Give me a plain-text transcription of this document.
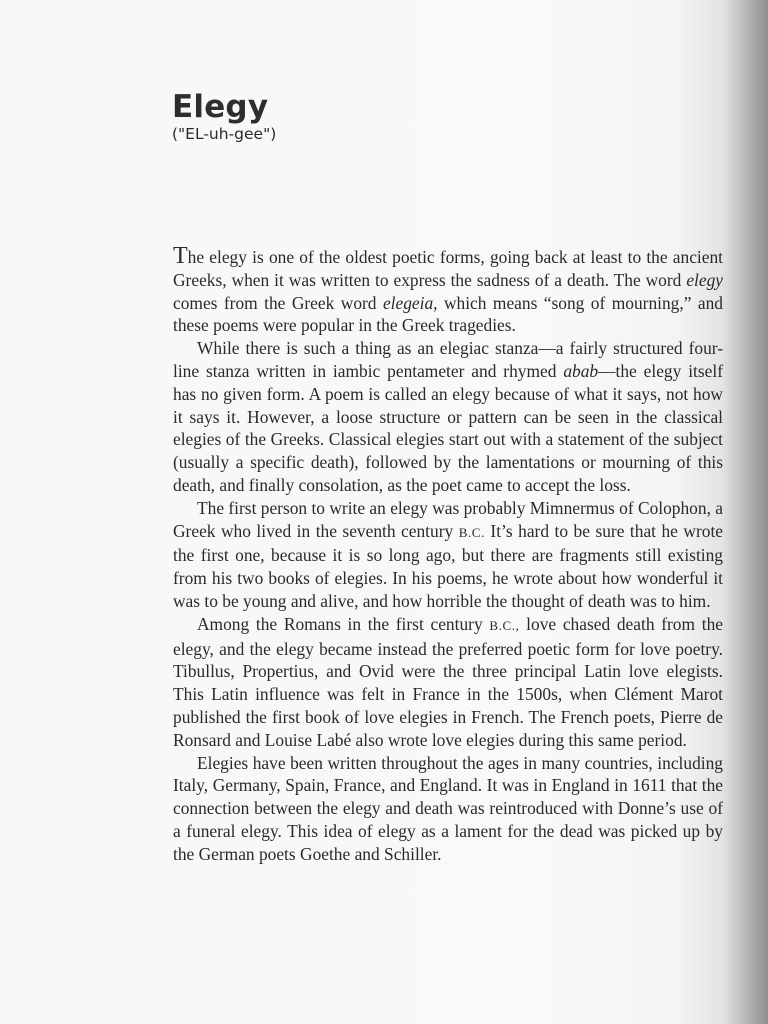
Elegy
("EL-uh-gee")

The elegy is one of the oldest poetic forms, going back at least to the ancient Greeks, when it was written to express the sadness of a death. The word elegy comes from the Greek word elegeia, which means “song of mourning,” and these poems were popular in the Greek tragedies.

While there is such a thing as an elegiac stanza—a fairly structured four-line stanza written in iambic pentameter and rhymed abab—the elegy itself has no given form. A poem is called an elegy because of what it says, not how it says it. However, a loose structure or pattern can be seen in the classical elegies of the Greeks. Classical elegies start out with a statement of the subject (usually a specific death), followed by the lamentations or mourning of this death, and finally consolation, as the poet came to accept the loss.

The first person to write an elegy was probably Mimnermus of Colophon, a Greek who lived in the seventh century B.C. It’s hard to be sure that he wrote the first one, because it is so long ago, but there are fragments still existing from his two books of elegies. In his poems, he wrote about how wonderful it was to be young and alive, and how horrible the thought of death was to him.

Among the Romans in the first century B.C., love chased death from the elegy, and the elegy became instead the preferred poetic form for love poetry. Tibullus, Propertius, and Ovid were the three principal Latin love elegists. This Latin influence was felt in France in the 1500s, when Clément Marot published the first book of love elegies in French. The French poets, Pierre de Ronsard and Louise Labé also wrote love elegies during this same period.

Elegies have been written throughout the ages in many countries, including Italy, Germany, Spain, France, and England. It was in England in 1611 that the connection between the elegy and death was reintroduced with Donne’s use of a funeral elegy. This idea of elegy as a lament for the dead was picked up by the German poets Goethe and Schiller.
